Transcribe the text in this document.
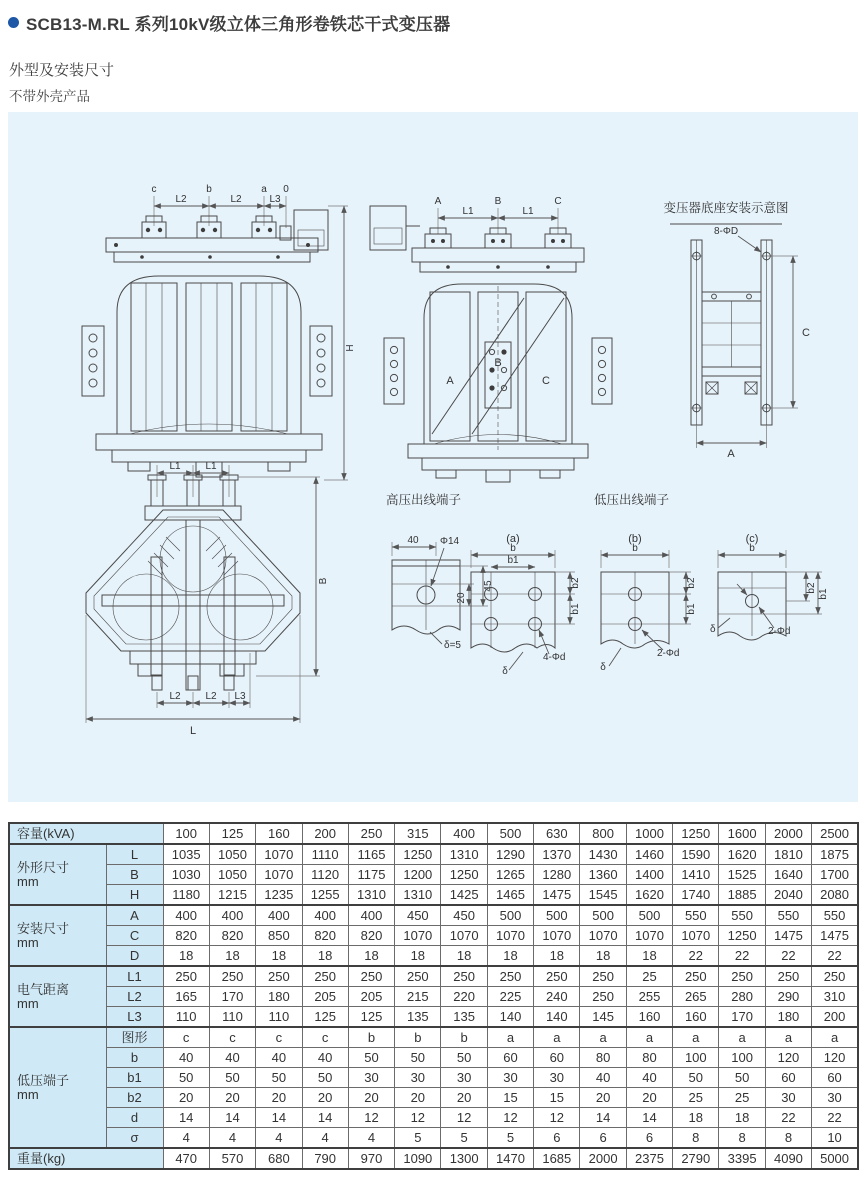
SCB13-M.RL 系列10kV级立体三角形卷铁芯干式变压器
外型及安装尺寸
不带外壳产品
c	b	a 0
L2	L2	L3
H
A	B	C
L1	L1
A
B
C
变压器底座安装示意图
8-ΦD
C
A
L1 L1
L2 L2 L3
L
B
高压出线端子
40 Φ14
45
20
δ=5
低压出线端子
(a)
b
b1
b2
b1
4-Φd
δ
(b)
b
b2
b1
2-Φd
δ
(c)
b
b2
b1
2-Φd
δ
容量(kVA)		100	125	160	200	250	315	400	500	630	800	1000	1250	1600	2000	2500

外形尺寸
mm	L	1035	1050	1070	1110	1165	1250	1310	1290	1370	1430	1460	1590	1620	1810	1875
	B	1030	1050	1070	1120	1175	1200	1250	1265	1280	1360	1400	1410	1525	1640	1700
	H	1180	1215	1235	1255	1310	1310	1425	1465	1475	1545	1620	1740	1885	2040	2080

安装尺寸
mm	A	400	400	400	400	400	450	450	500	500	500	500	550	550	550	550
	C	820	820	850	820	820	1070	1070	1070	1070	1070	1070	1070	1250	1475	1475
	D	18	18	18	18	18	18	18	18	18	18	18	22	22	22	22

电气距离
mm	L1	250	250	250	250	250	250	250	250	250	250	25	250	250	250	250
	L2	165	170	180	205	205	215	220	225	240	250	255	265	280	290	310
	L3	110	110	110	125	125	135	135	140	140	145	160	160	170	180	200

低压端子
mm	图形	c	c	c	c	b	b	b	a	a	a	a	a	a	a	a
	b	40	40	40	40	50	50	50	60	60	80	80	100	100	120	120
	b1	50	50	50	50	30	30	30	30	30	40	40	50	50	60	60
	b2	20	20	20	20	20	20	20	15	15	20	20	25	25	30	30
	d	14	14	14	14	12	12	12	12	12	14	14	18	18	22	22
	σ	4	4	4	4	4	5	5	5	6	6	6	8	8	8	10
重量(kg)		470	570	680	790	970	1090	1300	1470	1685	2000	2375	2790	3395	4090	5000
